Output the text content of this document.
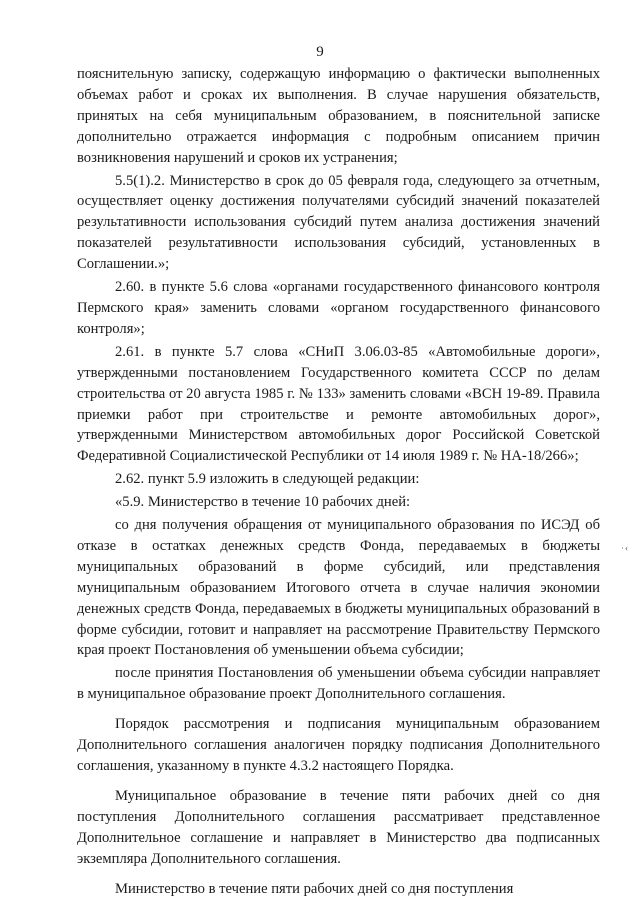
9

пояснительную записку, содержащую информацию о фактически выполненных объемах работ и сроках их выполнения. В случае нарушения обязательств, принятых на себя муниципальным образованием, в пояснительной записке дополнительно отражается информация с подробным описанием причин возникновения нарушений и сроков их устранения;

5.5(1).2. Министерство в срок до 05 февраля года, следующего за отчетным, осуществляет оценку достижения получателями субсидий значений показателей результативности использования субсидий путем анализа достижения значений показателей результативности использования субсидий, установленных в Соглашении.»;

2.60. в пункте 5.6 слова «органами государственного финансового контроля Пермского края» заменить словами «органом государственного финансового контроля»;

2.61. в пункте 5.7 слова «СНиП 3.06.03-85 «Автомобильные дороги», утвержденными постановлением Государственного комитета СССР по делам строительства от 20 августа 1985 г. № 133» заменить словами «ВСН 19-89. Правила приемки работ при строительстве и ремонте автомобильных дорог», утвержденными Министерством автомобильных дорог Российской Советской Федеративной Социалистической Республики от 14 июля 1989 г. № НА-18/266»;

2.62. пункт 5.9 изложить в следующей редакции:

«5.9. Министерство в течение 10 рабочих дней:

со дня получения обращения от муниципального образования по ИСЭД об отказе в остатках денежных средств Фонда, передаваемых в бюджеты муниципальных образований в форме субсидий, или представления муниципальным образованием Итогового отчета в случае наличия экономии денежных средств Фонда, передаваемых в бюджеты муниципальных образований в форме субсидии, готовит и направляет на рассмотрение Правительству Пермского края проект Постановления об уменьшении объема субсидии;

после принятия Постановления об уменьшении объема субсидии направляет в муниципальное образование проект Дополнительного соглашения.

Порядок рассмотрения и подписания муниципальным образованием Дополнительного соглашения аналогичен порядку подписания Дополнительного соглашения, указанному в пункте 4.3.2 настоящего Порядка.

Муниципальное образование в течение пяти рабочих дней со дня поступления Дополнительного соглашения рассматривает представленное Дополнительное соглашение и направляет в Министерство два подписанных экземпляра Дополнительного соглашения.

Министерство в течение пяти рабочих дней со дня поступления

·‹
